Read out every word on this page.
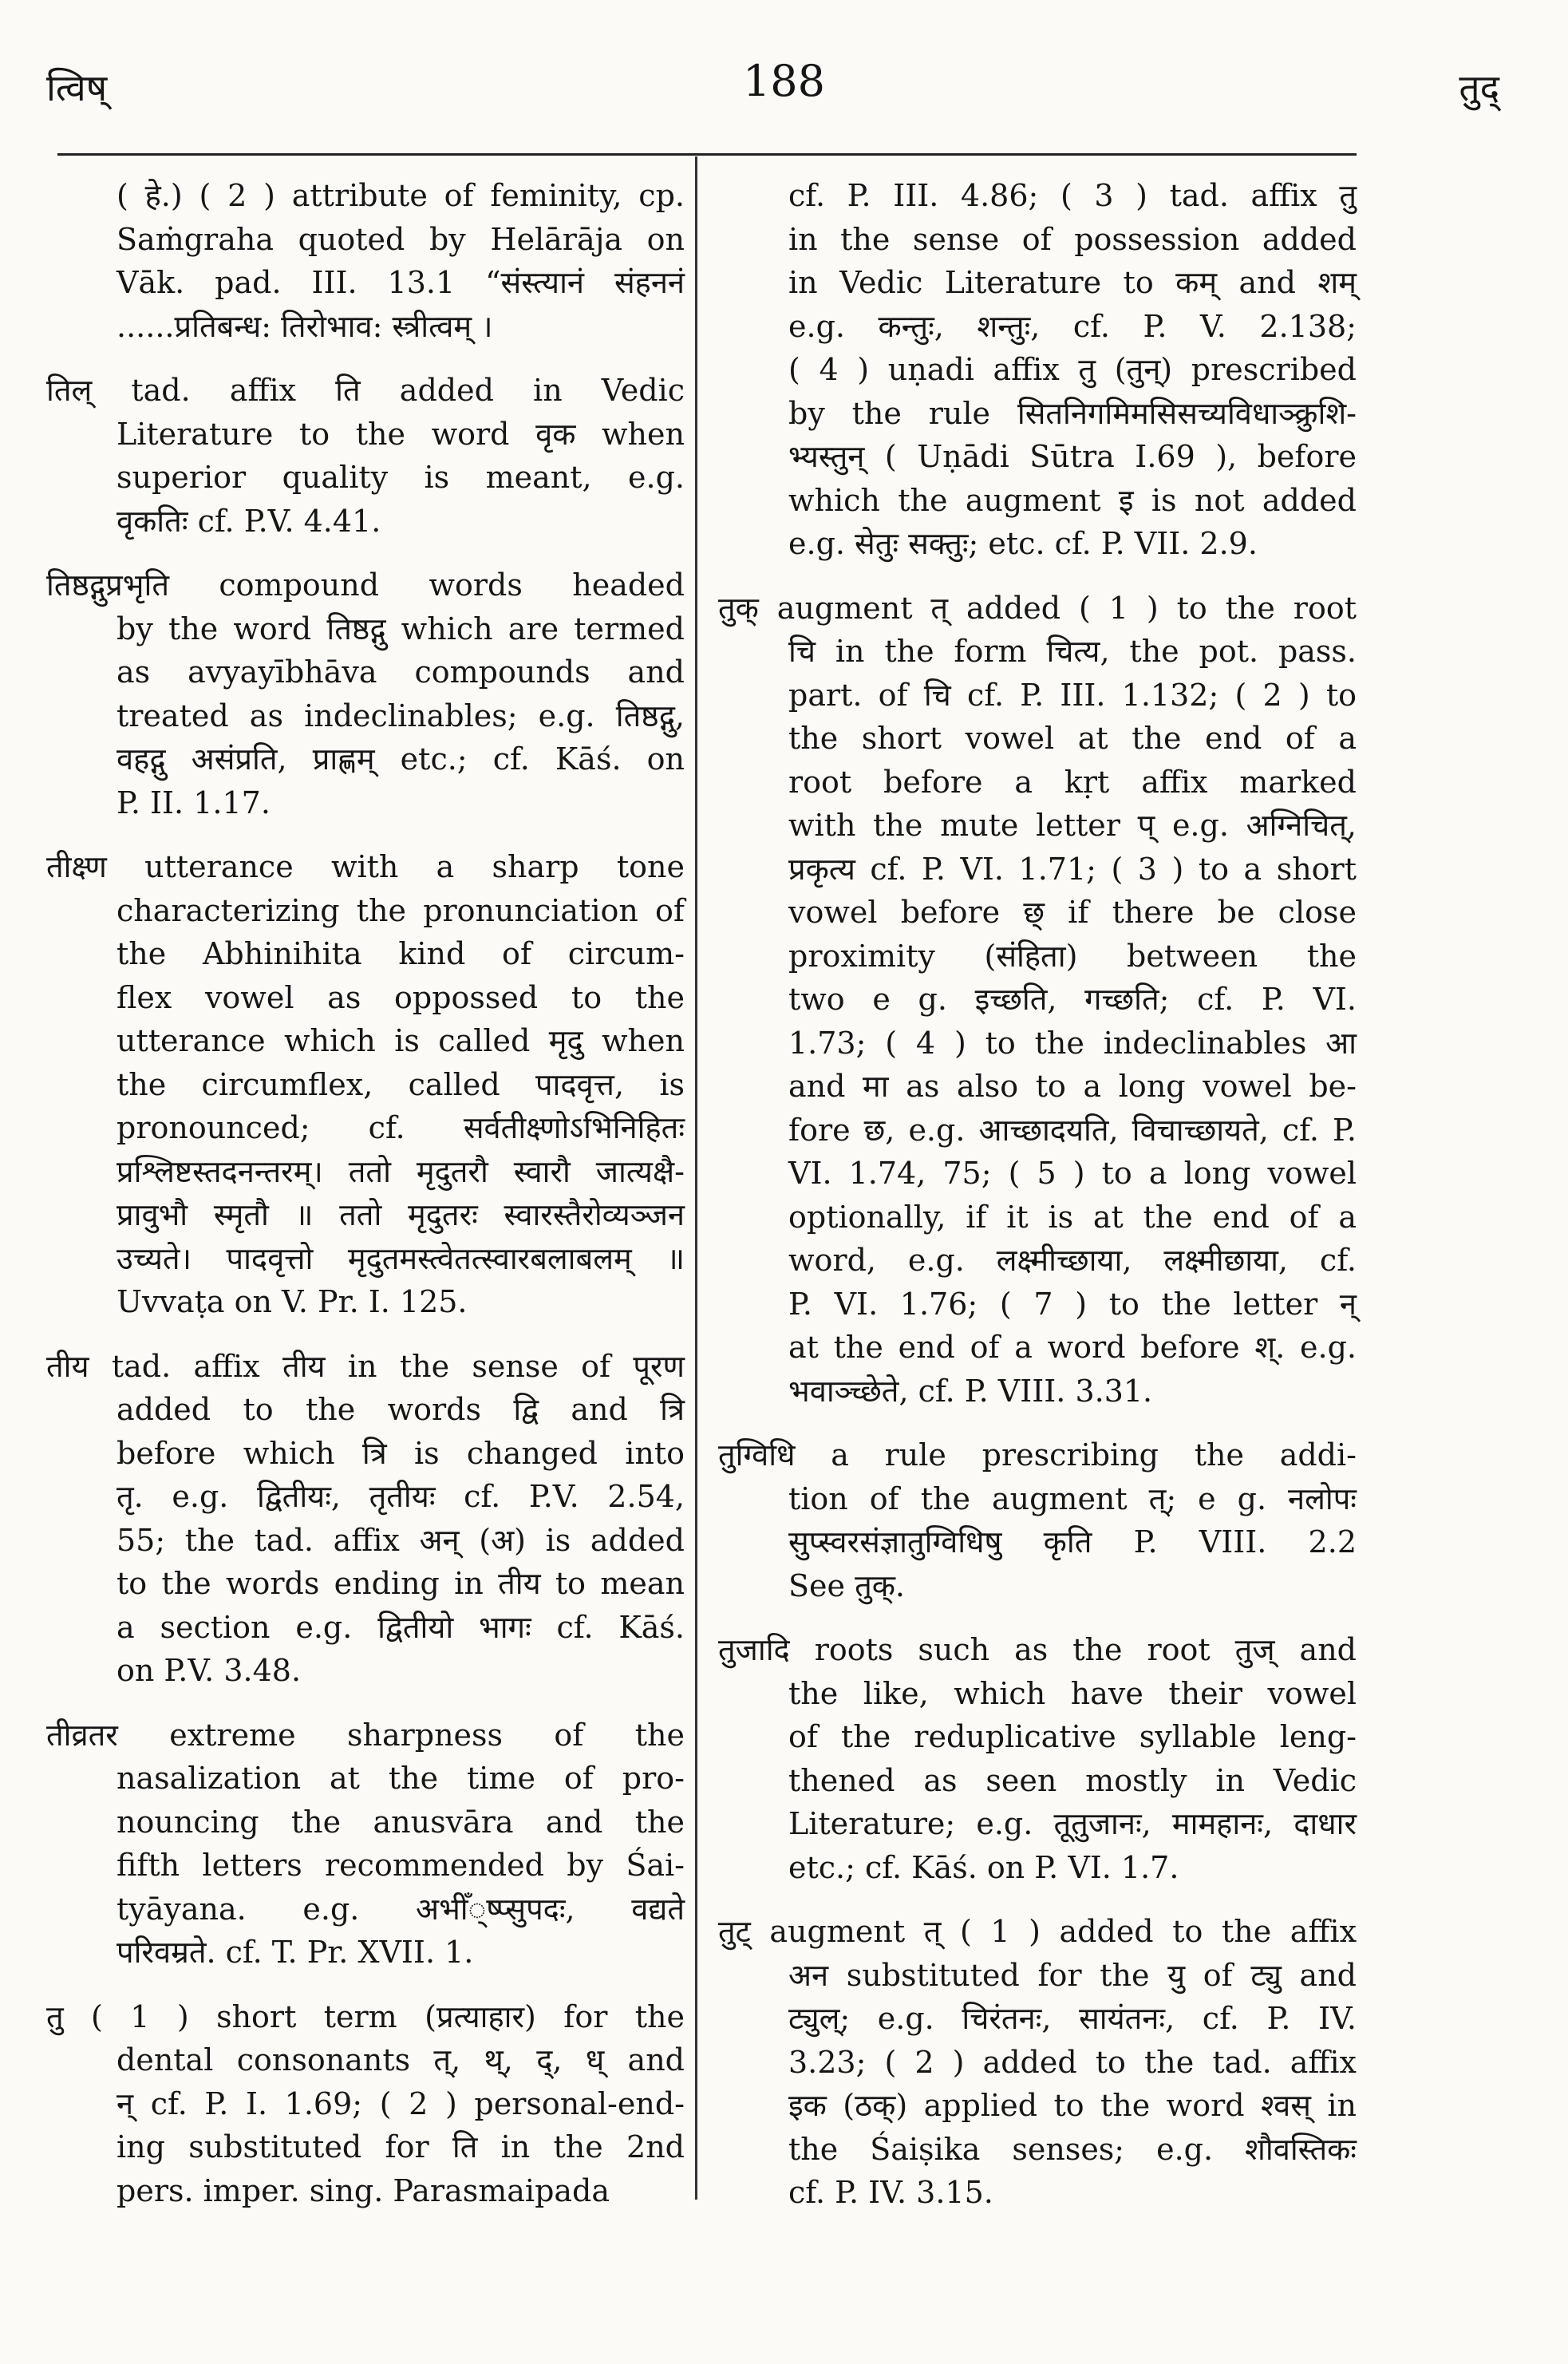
त्विष्	188	तुद्
( हे.) ( 2 ) attribute of feminity, cp.
Saṁgraha quoted by Helārāja on
Vāk. pad. III. 13.1 “संस्त्यानं संहननं
......प्रतिबन्ध: तिरोभाव: स्त्रीत्वम् ।
तिल् tad. affix ति added in Vedic
Literature to the word वृक when
superior quality is meant, e.g.
वृकतिः cf. P.V. 4.41.
तिष्ठद्गुप्रभृति compound words headed
by the word तिष्ठद्गु which are termed
as avyayībhāva compounds and
treated as indeclinables; e.g. तिष्ठद्गु,
वहद्गु असंप्रति, प्राह्णम् etc.; cf. Kāś. on
P. II. 1.17.
तीक्ष्ण utterance with a sharp tone
characterizing the pronunciation of
the Abhinihita kind of circum-
flex vowel as oppossed to the
utterance which is called मृदु when
the circumflex, called पादवृत्त, is
pronounced; cf. सर्वतीक्ष्णोऽभिनिहितः
प्रश्लिष्टस्तदनन्तरम्। ततो मृदुतरौ स्वारौ जात्यक्षै-
प्रावुभौ स्मृतौ ॥ ततो मृदुतरः स्वारस्तैरोव्यञ्जन
उच्यते। पादवृत्तो मृदुतमस्त्वेतत्स्वारबलाबलम् ॥
Uvvaṭa on V. Pr. I. 125.
तीय tad. affix तीय in the sense of पूरण
added to the words द्वि and त्रि
before which त्रि is changed into
तृ. e.g. द्वितीयः, तृतीयः cf. P.V. 2.54,
55; the tad. affix अन् (अ) is added
to the words ending in तीय to mean
a section e.g. द्वितीयो भागः cf. Kāś.
on P.V. 3.48.
तीव्रतर extreme sharpness of the
nasalization at the time of pro-
nouncing the anusvāra and the
fifth letters recommended by Śai-
tyāyana. e.g. अभीँ्ष्प्सुपदः, वद्यते
परिवम्रते. cf. T. Pr. XVII. 1.
तु ( 1 ) short term (प्रत्याहार) for the
dental consonants त्, थ्, द्, ध् and
न् cf. P. I. 1.69; ( 2 ) personal-end-
ing substituted for ति in the 2nd
pers. imper. sing. Parasmaipada
cf. P. III. 4.86; ( 3 ) tad. affix तु
in the sense of possession added
in Vedic Literature to कम् and शम्
e.g. कन्तुः, शन्तुः, cf. P. V. 2.138;
( 4 ) uṇadi affix तु (तुन्) prescribed
by the rule सितनिगमिमसिसच्यविधाञ्क्रुशि-
भ्यस्तुन् ( Uṇādi Sūtra I.69 ), before
which the augment इ is not added
e.g. सेतुः सक्तुः; etc. cf. P. VII. 2.9.
तुक् augment त् added ( 1 ) to the root
चि in the form चित्य, the pot. pass.
part. of चि cf. P. III. 1.132; ( 2 ) to
the short vowel at the end of a
root before a kṛt affix marked
with the mute letter प् e.g. अग्निचित्,
प्रकृत्य cf. P. VI. 1.71; ( 3 ) to a short
vowel before छ् if there be close
proximity (संहिता) between the
two e g. इच्छति, गच्छति; cf. P. VI.
1.73; ( 4 ) to the indeclinables आ
and मा as also to a long vowel be-
fore छ, e.g. आच्छादयति, विचाच्छायते, cf. P.
VI. 1.74, 75; ( 5 ) to a long vowel
optionally, if it is at the end of a
word, e.g. लक्ष्मीच्छाया, लक्ष्मीछाया, cf.
P. VI. 1.76; ( 7 ) to the letter न्
at the end of a word before श्. e.g.
भवाञ्च्छेते, cf. P. VIII. 3.31.
तुग्विधि a rule prescribing the addi-
tion of the augment त्; e g. नलोपः
सुप्स्वरसंज्ञातुग्विधिषु कृति P. VIII. 2.2
See तुक्.
तुजादि roots such as the root तुज् and
the like, which have their vowel
of the reduplicative syllable leng-
thened as seen mostly in Vedic
Literature; e.g. तूतुजानः, मामहानः, दाधार
etc.; cf. Kāś. on P. VI. 1.7.
तुट् augment त् ( 1 ) added to the affix
अन substituted for the यु of ट्यु and
ट्युल्; e.g. चिरंतनः, सायंतनः, cf. P. IV.
3.23; ( 2 ) added to the tad. affix
इक (ठक्) applied to the word श्वस् in
the Śaiṣika senses; e.g. शौवस्तिकः
cf. P. IV. 3.15.
